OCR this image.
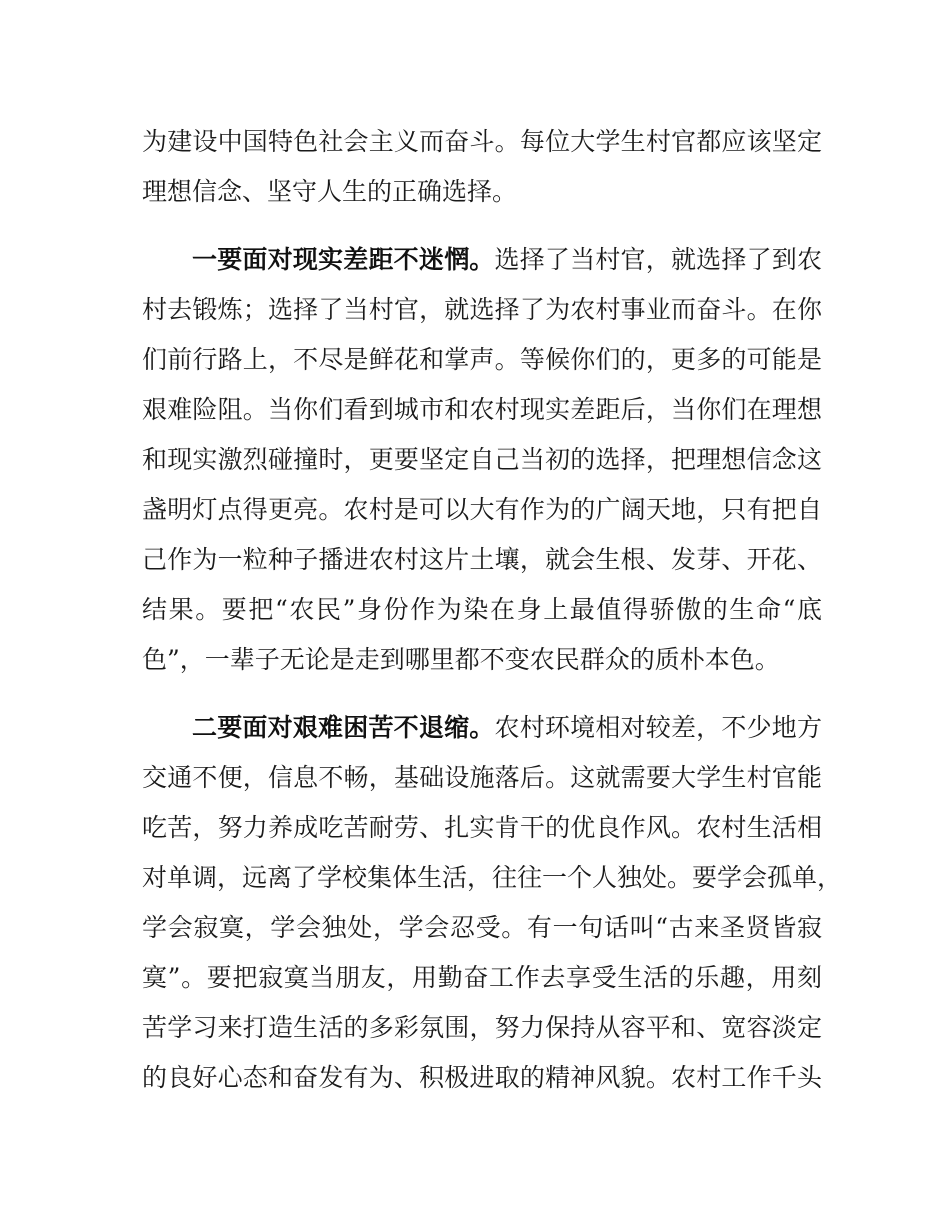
为建设中国特色社会主义而奋斗。每位大学生村官都应该坚定
理想信念、坚守人生的正确选择。
一要面对现实差距不迷惘。选择了当村官，就选择了到农
村去锻炼；选择了当村官，就选择了为农村事业而奋斗。在你
们前行路上，不尽是鲜花和掌声。等候你们的，更多的可能是
艰难险阻。当你们看到城市和农村现实差距后，当你们在理想
和现实激烈碰撞时，更要坚定自己当初的选择，把理想信念这
盏明灯点得更亮。农村是可以大有作为的广阔天地，只有把自
己作为一粒种子播进农村这片土壤，就会生根、发芽、开花、
结果。要把“农民”身份作为染在身上最值得骄傲的生命“底
色”，一辈子无论是走到哪里都不变农民群众的质朴本色。
二要面对艰难困苦不退缩。农村环境相对较差，不少地方
交通不便，信息不畅，基础设施落后。这就需要大学生村官能
吃苦，努力养成吃苦耐劳、扎实肯干的优良作风。农村生活相
对单调，远离了学校集体生活，往往一个人独处。要学会孤单，
学会寂寞，学会独处，学会忍受。有一句话叫“古来圣贤皆寂
寞”。要把寂寞当朋友，用勤奋工作去享受生活的乐趣，用刻
苦学习来打造生活的多彩氛围，努力保持从容平和、宽容淡定
的良好心态和奋发有为、积极进取的精神风貌。农村工作千头
